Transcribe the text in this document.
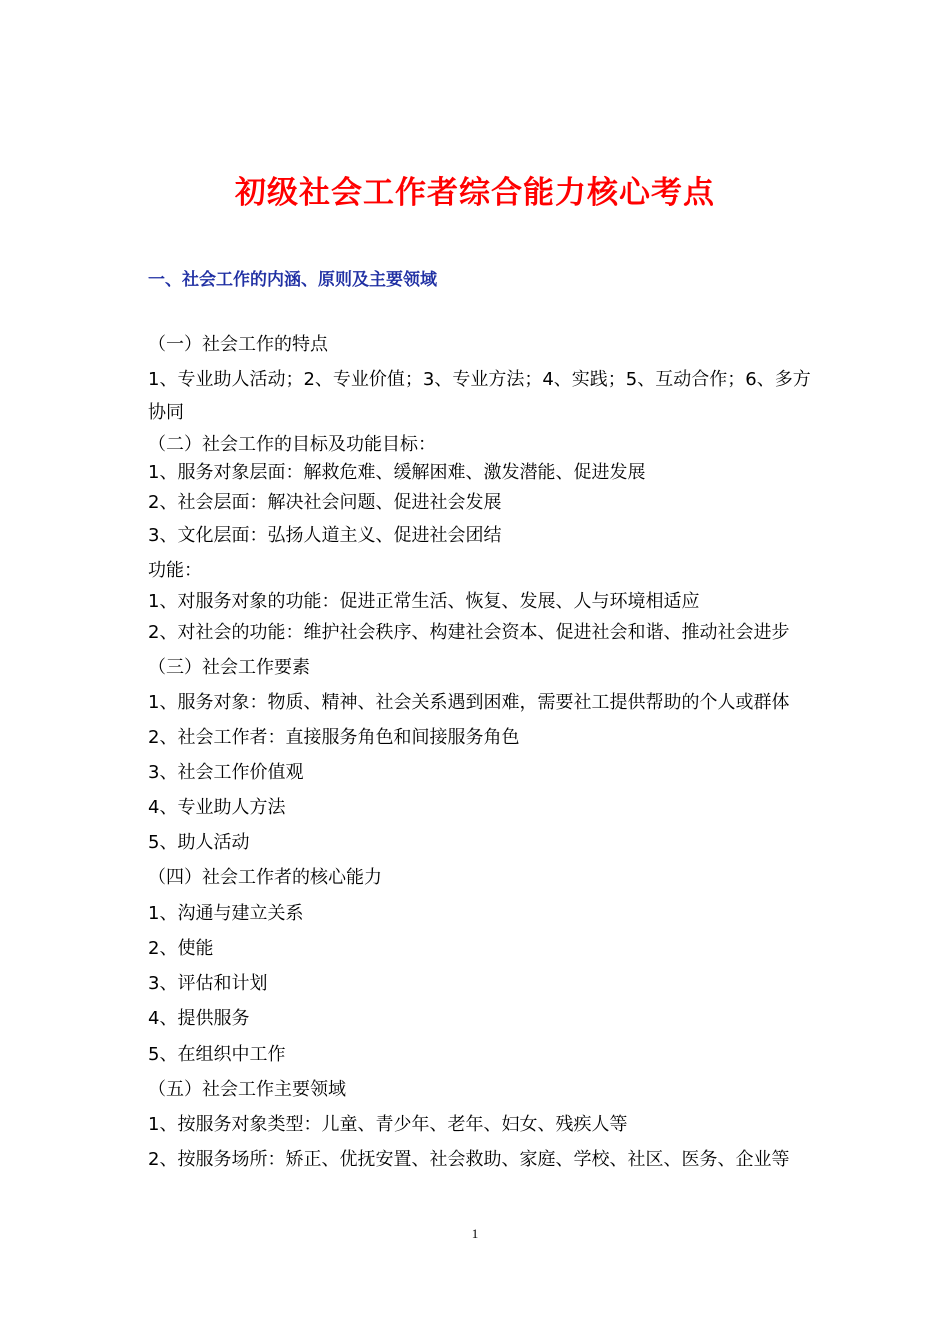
初级社会工作者综合能力核心考点
一、社会工作的内涵、原则及主要领域
（一）社会工作的特点
1、专业助人活动；2、专业价值；3、专业方法；4、实践；5、互动合作；6、多方
协同
（二）社会工作的目标及功能目标：
1、服务对象层面：解救危难、缓解困难、激发潜能、促进发展
2、社会层面：解决社会问题、促进社会发展
3、文化层面：弘扬人道主义、促进社会团结
功能：
1、对服务对象的功能：促进正常生活、恢复、发展、人与环境相适应
2、对社会的功能：维护社会秩序、构建社会资本、促进社会和谐、推动社会进步
（三）社会工作要素
1、服务对象：物质、精神、社会关系遇到困难，需要社工提供帮助的个人或群体
2、社会工作者：直接服务角色和间接服务角色
3、社会工作价值观
4、专业助人方法
5、助人活动
（四）社会工作者的核心能力
1、沟通与建立关系
2、使能
3、评估和计划
4、提供服务
5、在组织中工作
（五）社会工作主要领域
1、按服务对象类型：儿童、青少年、老年、妇女、残疾人等
2、按服务场所：矫正、优抚安置、社会救助、家庭、学校、社区、医务、企业等
1
